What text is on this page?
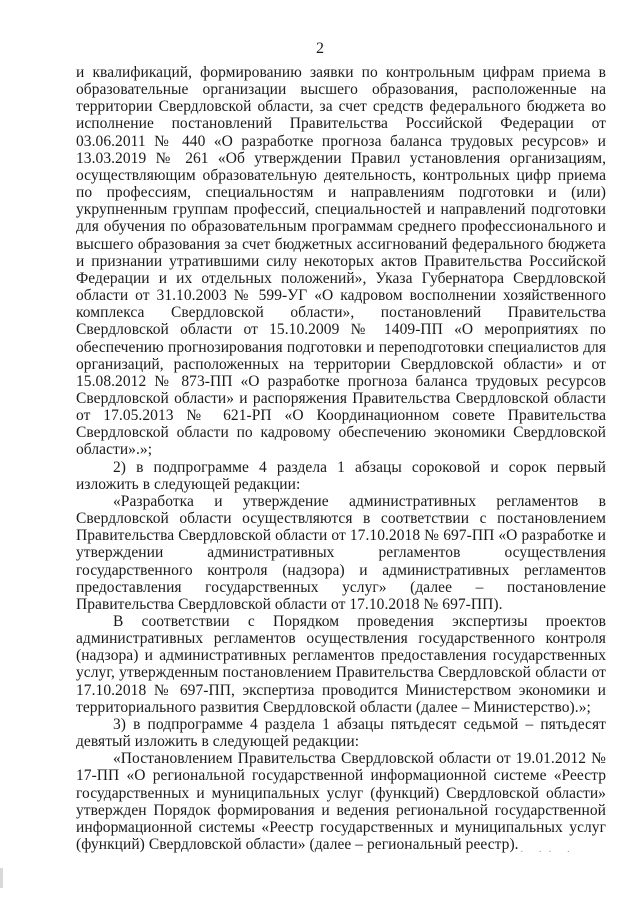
2

и квалификаций, формированию заявки по контрольным цифрам приема в образовательные организации высшего образования, расположенные на территории Свердловской области, за счет средств федерального бюджета во исполнение постановлений Правительства Российской Федерации от 03.06.2011 № 440 «О разработке прогноза баланса трудовых ресурсов» и 13.03.2019 № 261 «Об утверждении Правил установления организациям, осуществляющим образовательную деятельность, контрольных цифр приема по профессиям, специальностям и направлениям подготовки и (или) укрупненным группам профессий, специальностей и направлений подготовки для обучения по образовательным программам среднего профессионального и высшего образования за счет бюджетных ассигнований федерального бюджета и признании утратившими силу некоторых актов Правительства Российской Федерации и их отдельных положений», Указа Губернатора Свердловской области от 31.10.2003 № 599-УГ «О кадровом восполнении хозяйственного комплекса Свердловской области», постановлений Правительства Свердловской области от 15.10.2009 № 1409-ПП «О мероприятиях по обеспечению прогнозирования подготовки и переподготовки специалистов для организаций, расположенных на территории Свердловской области» и от 15.08.2012 № 873-ПП «О разработке прогноза баланса трудовых ресурсов Свердловской области» и распоряжения Правительства Свердловской области от 17.05.2013 № 621-РП «О Координационном совете Правительства Свердловской области по кадровому обеспечению экономики Свердловской области».»;

2) в подпрограмме 4 раздела 1 абзацы сороковой и сорок первый изложить в следующей редакции:

«Разработка и утверждение административных регламентов в Свердловской области осуществляются в соответствии с постановлением Правительства Свердловской области от 17.10.2018 № 697-ПП «О разработке и утверждении административных регламентов осуществления государственного контроля (надзора) и административных регламентов предоставления государственных услуг» (далее – постановление Правительства Свердловской области от 17.10.2018 № 697-ПП).

В соответствии с Порядком проведения экспертизы проектов административных регламентов осуществления государственного контроля (надзора) и административных регламентов предоставления государственных услуг, утвержденным постановлением Правительства Свердловской области от 17.10.2018 № 697-ПП, экспертиза проводится Министерством экономики и территориального развития Свердловской области (далее – Министерство).»;

3) в подпрограмме 4 раздела 1 абзацы пятьдесят седьмой – пятьдесят девятый изложить в следующей редакции:

«Постановлением Правительства Свердловской области от 19.01.2012 № 17-ПП «О региональной государственной информационной системе «Реестр государственных и муниципальных услуг (функций) Свердловской области» утвержден Порядок формирования и ведения региональной государственной информационной системы «Реестр государственных и муниципальных услуг (функций) Свердловской области» (далее – региональный реестр). · ·· ·
